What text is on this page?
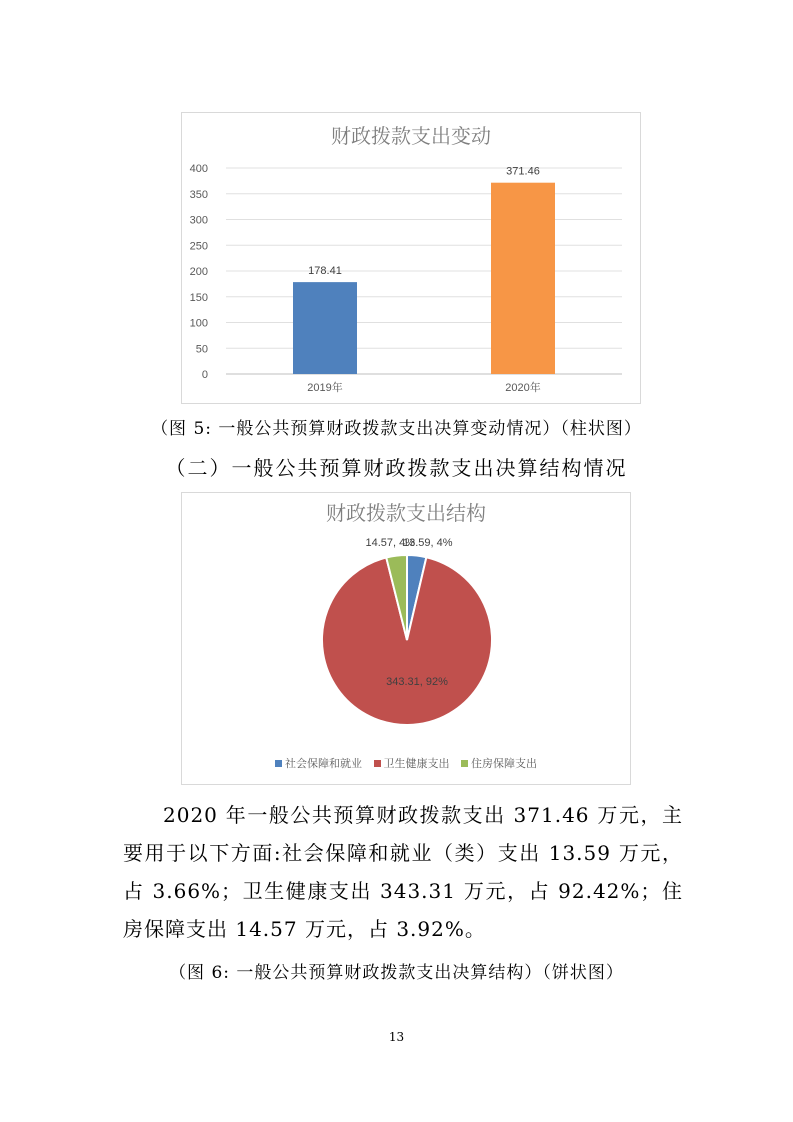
财政拨款支出变动
0
50
100
150
200
250
300
350
400
178.41
2019年
371.46
2020年
（图 5: 一般公共预算财政拨款支出决算变动情况）（柱状图）
（二）一般公共预算财政拨款支出决算结构情况
财政拨款支出结构
13.59, 4%
343.31, 92%
14.57, 4%
社会保障和就业 卫生健康支出 住房保障支出
2020 年一般公共预算财政拨款支出 371.46 万元，主要用于以下方面:社会保障和就业（类）支出 13.59 万元，占 3.66%；卫生健康支出 343.31 万元，占 92.42%；住房保障支出 14.57 万元，占 3.92%。
（图 6: 一般公共预算财政拨款支出决算结构）（饼状图）
13
